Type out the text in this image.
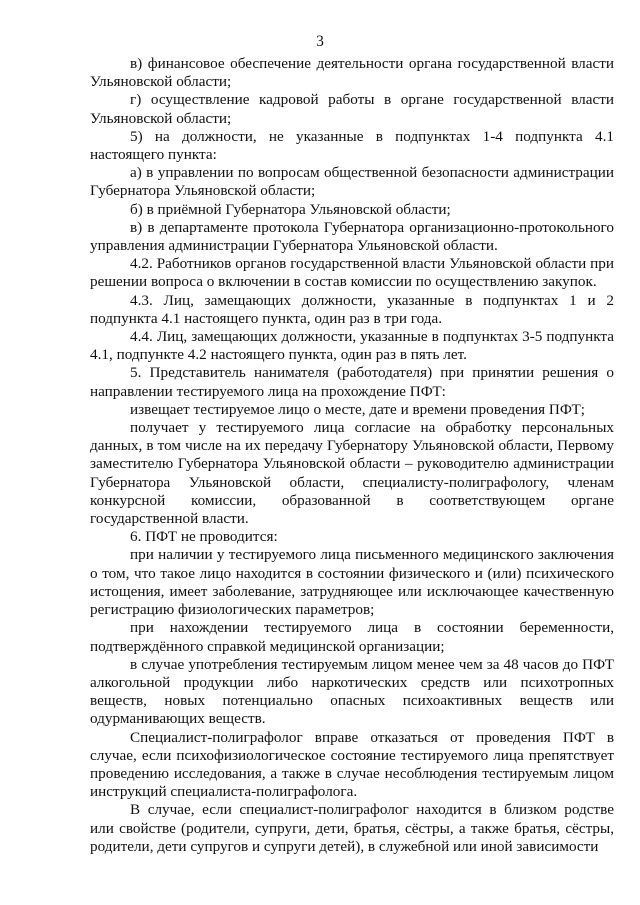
3

в) финансовое обеспечение деятельности органа государственной власти Ульяновской области;

г) осуществление кадровой работы в органе государственной власти Ульяновской области;

5) на должности, не указанные в подпунктах 1-4 подпункта 4.1 настоящего пункта:

а) в управлении по вопросам общественной безопасности администрации Губернатора Ульяновской области;

б) в приёмной Губернатора Ульяновской области;

в) в департаменте протокола Губернатора организационно-протокольного управления администрации Губернатора Ульяновской области.

4.2. Работников органов государственной власти Ульяновской области при решении вопроса о включении в состав комиссии по осуществлению закупок.

4.3. Лиц, замещающих должности, указанные в подпунктах 1 и 2 подпункта 4.1 настоящего пункта, один раз в три года.

4.4. Лиц, замещающих должности, указанные в подпунктах 3-5 подпункта 4.1, подпункте 4.2 настоящего пункта, один раз в пять лет.

5. Представитель нанимателя (работодателя) при принятии решения о направлении тестируемого лица на прохождение ПФТ:

извещает тестируемое лицо о месте, дате и времени проведения ПФТ;

получает у тестируемого лица согласие на обработку персональных данных, в том числе на их передачу Губернатору Ульяновской области, Первому заместителю Губернатора Ульяновской области – руководителю администрации Губернатора Ульяновской области, специалисту-полиграфологу, членам конкурсной комиссии, образованной в соответствующем органе государственной власти.

6. ПФТ не проводится:

при наличии у тестируемого лица письменного медицинского заключения о том, что такое лицо находится в состоянии физического и (или) психического истощения, имеет заболевание, затрудняющее или исключающее качественную регистрацию физиологических параметров;

при нахождении тестируемого лица в состоянии беременности, подтверждённого справкой медицинской организации;

в случае употребления тестируемым лицом менее чем за 48 часов до ПФТ алкогольной продукции либо наркотических средств или психотропных веществ, новых потенциально опасных психоактивных веществ или одурманивающих веществ.

Специалист-полиграфолог вправе отказаться от проведения ПФТ в случае, если психофизиологическое состояние тестируемого лица препятствует проведению исследования, а также в случае несоблюдения тестируемым лицом инструкций специалиста-полиграфолога.

В случае, если специалист-полиграфолог находится в близком родстве или свойстве (родители, супруги, дети, братья, сёстры, а также братья, сёстры, родители, дети супругов и супруги детей), в служебной или иной зависимости
